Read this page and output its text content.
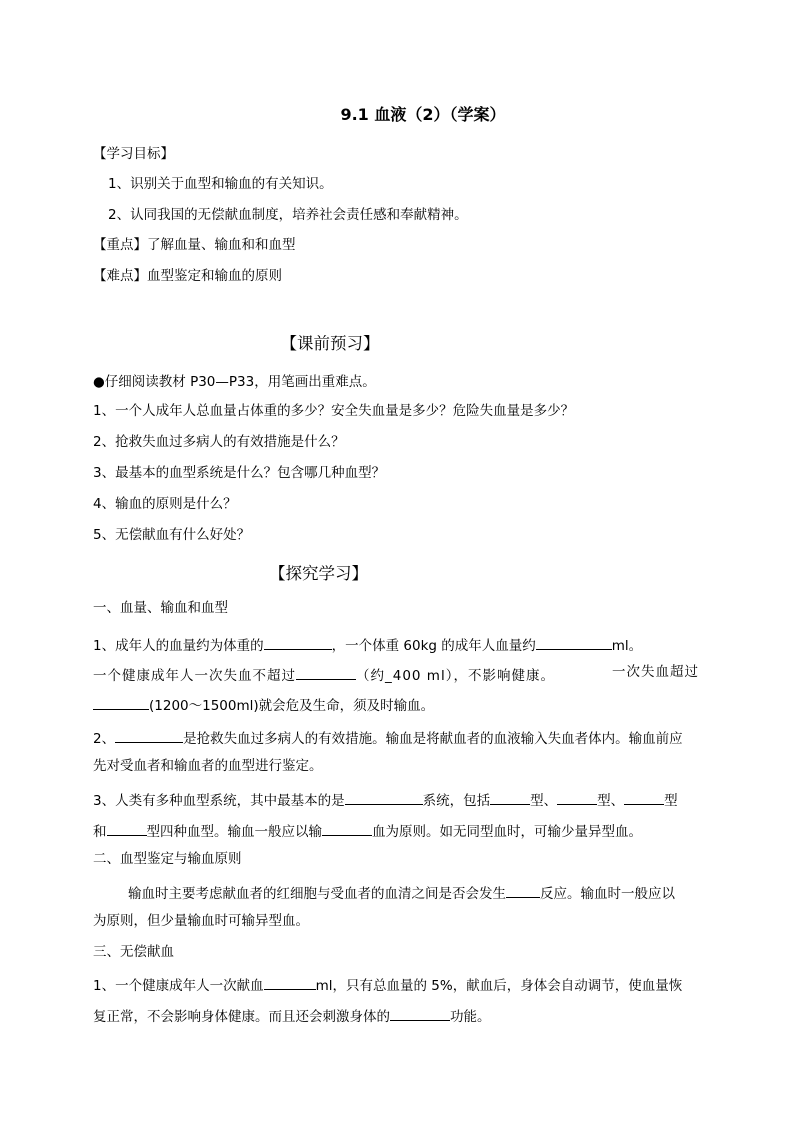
9.1 血液（2）（学案）
【学习目标】
1、识别关于血型和输血的有关知识。
2、认同我国的无偿献血制度，培养社会责任感和奉献精神。
【重点】了解血量、输血和和血型
【难点】血型鉴定和输血的原则
【课前预习】
●仔细阅读教材 P30—P33，用笔画出重难点。
1、一个人成年人总血量占体重的多少？安全失血量是多少？危险失血量是多少？
2、抢救失血过多病人的有效措施是什么？
3、最基本的血型系统是什么？包含哪几种血型？
4、输血的原则是什么？
5、无偿献血有什么好处？
【探究学习】
一、血量、输血和血型
1、成年人的血量约为体重的	，一个体重 60kg 的成年人血量约	ml。
一个健康成年人一次失血不超过	（约_400 ml），不影响健康。	一次失血超过
(1200～1500ml)就会危及生命，须及时输血。
2、	是抢救失血过多病人的有效措施。输血是将献血者的血液输入失血者体内。输血前应
先对受血者和输血者的血型进行鉴定。
3、人类有多种血型系统，其中最基本的是	系统，包括	型、	型、	型
和	型四种血型。输血一般应以输	血为原则。如无同型血时，可输少量异型血。
二、血型鉴定与输血原则
输血时主要考虑献血者的红细胞与受血者的血清之间是否会发生	反应。输血时一般应以
为原则，但少量输血时可输异型血。
三、无偿献血
1、一个健康成年人一次献血	ml，只有总血量的 5%，献血后，身体会自动调节，使血量恢
复正常，不会影响身体健康。而且还会刺激身体的	功能。
